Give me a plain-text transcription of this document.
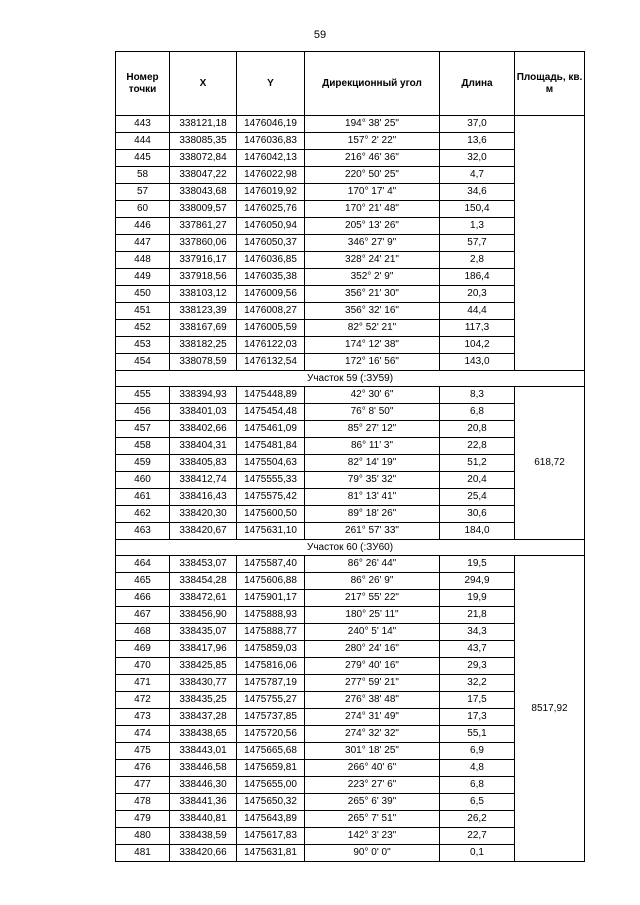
59
Номер точки	X	Y	Дирекционный угол	Длина	Площадь, кв. м
443	338121,18	1476046,19	194° 38' 25"	37,0	
444	338085,35	1476036,83	157° 2' 22"	13,6	
445	338072,84	1476042,13	216° 46' 36"	32,0	
58	338047,22	1476022,98	220° 50' 25"	4,7	
57	338043,68	1476019,92	170° 17' 4"	34,6	
60	338009,57	1476025,76	170° 21' 48"	150,4	
446	337861,27	1476050,94	205° 13' 26"	1,3	
447	337860,06	1476050,37	346° 27' 9"	57,7	
448	337916,17	1476036,85	328° 24' 21"	2,8	
449	337918,56	1476035,38	352° 2' 9"	186,4	
450	338103,12	1476009,56	356° 21' 30"	20,3	
451	338123,39	1476008,27	356° 32' 16"	44,4	
452	338167,69	1476005,59	82° 52' 21"	117,3	
453	338182,25	1476122,03	174° 12' 38"	104,2	
454	338078,59	1476132,54	172° 16' 56"	143,0	
Участок 59 (:ЗУ59)					
455	338394,93	1475448,89	42° 30' 6"	8,3	618,72
456	338401,03	1475454,48	76° 8' 50"	6,8	
457	338402,66	1475461,09	85° 27' 12"	20,8	
458	338404,31	1475481,84	86° 11' 3"	22,8	
459	338405,83	1475504,63	82° 14' 19"	51,2	
460	338412,74	1475555,33	79° 35' 32"	20,4	
461	338416,43	1475575,42	81° 13' 41"	25,4	
462	338420,30	1475600,50	89° 18' 26"	30,6	
463	338420,67	1475631,10	261° 57' 33"	184,0	
Участок 60 (:ЗУ60)					
464	338453,07	1475587,40	86° 26' 44"	19,5	8517,92
465	338454,28	1475606,88	86° 26' 9"	294,9	
466	338472,61	1475901,17	217° 55' 22"	19,9	
467	338456,90	1475888,93	180° 25' 11"	21,8	
468	338435,07	1475888,77	240° 5' 14"	34,3	
469	338417,96	1475859,03	280° 24' 16"	43,7	
470	338425,85	1475816,06	279° 40' 16"	29,3	
471	338430,77	1475787,19	277° 59' 21"	32,2	
472	338435,25	1475755,27	276° 38' 48"	17,5	
473	338437,28	1475737,85	274° 31' 49"	17,3	
474	338438,65	1475720,56	274° 32' 32"	55,1	
475	338443,01	1475665,68	301° 18' 25"	6,9	
476	338446,58	1475659,81	266° 40' 6"	4,8	
477	338446,30	1475655,00	223° 27' 6"	6,8	
478	338441,36	1475650,32	265° 6' 39"	6,5	
479	338440,81	1475643,89	265° 7' 51"	26,2	
480	338438,59	1475617,83	142° 3' 23"	22,7	
481	338420,66	1475631,81	90° 0' 0"	0,1	
